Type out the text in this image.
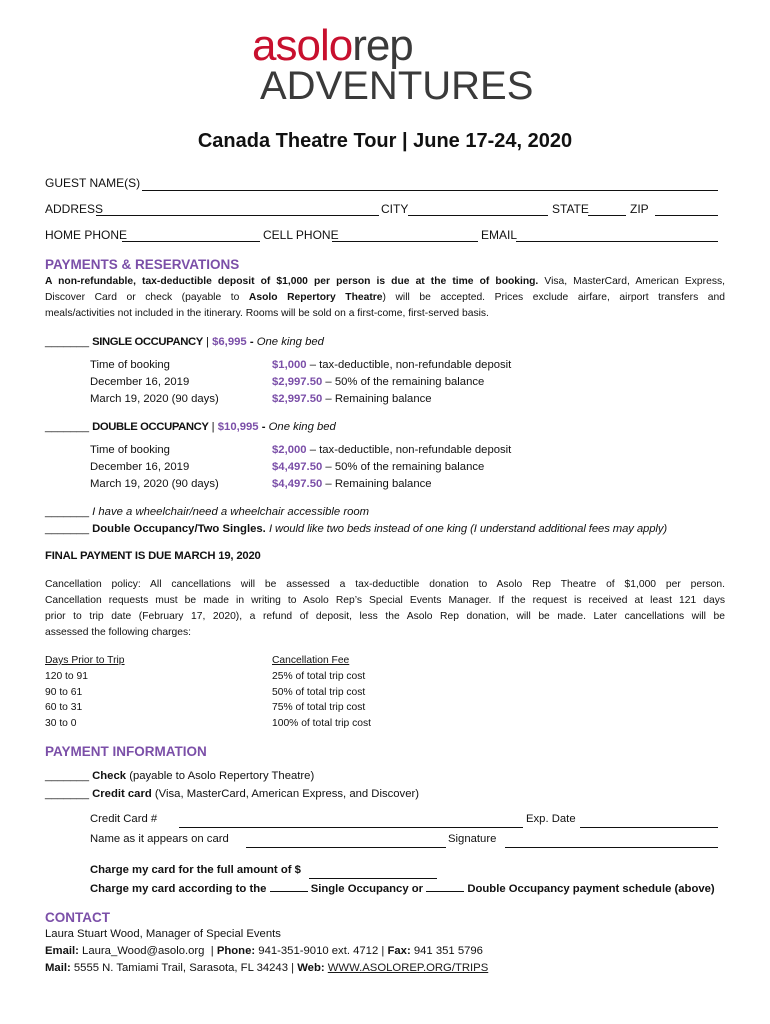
asolorep
ADVENTURES
Canada Theatre Tour | June 17-24, 2020
GUEST NAME(S)
ADDRESS	CITY	STATE	ZIP
HOME PHONE	CELL PHONE	EMAIL
PAYMENTS & RESERVATIONS
A non-refundable, tax-deductible deposit of $1,000 per person is due at the time of booking. Visa, MasterCard, American Express,
Discover Card or check (payable to Asolo Repertory Theatre) will be accepted. Prices exclude airfare, airport transfers and
meals/activities not included in the itinerary. Rooms will be sold on a first-come, first-served basis.
_______ SINGLE OCCUPANCY | $6,995 - One king bed
Time of booking	$1,000 – tax-deductible, non-refundable deposit
December 16, 2019	$2,997.50 – 50% of the remaining balance
March 19, 2020 (90 days)	$2,997.50 – Remaining balance
_______ DOUBLE OCCUPANCY | $10,995 - One king bed
Time of booking	$2,000 – tax-deductible, non-refundable deposit
December 16, 2019	$4,497.50 – 50% of the remaining balance
March 19, 2020 (90 days)	$4,497.50 – Remaining balance
_______ I have a wheelchair/need a wheelchair accessible room
_______ Double Occupancy/Two Singles. I would like two beds instead of one king (I understand additional fees may apply)
FINAL PAYMENT IS DUE MARCH 19, 2020
Cancellation policy: All cancellations will be assessed a tax-deductible donation to Asolo Rep Theatre of $1,000 per person.
Cancellation requests must be made in writing to Asolo Rep’s Special Events Manager. If the request is received at least 121 days
prior to trip date (February 17, 2020), a refund of deposit, less the Asolo Rep donation, will be made. Later cancellations will be
assessed the following charges:
Days Prior to Trip	Cancellation Fee
120 to 91	25% of total trip cost
90 to 61	50% of total trip cost
60 to 31	75% of total trip cost
30 to 0	100% of total trip cost
PAYMENT INFORMATION
_______ Check (payable to Asolo Repertory Theatre)
_______ Credit card (Visa, MasterCard, American Express, and Discover)
Credit Card #	Exp. Date
Name as it appears on card	Signature
Charge my card for the full amount of $
Charge my card according to the	Single Occupancy or	Double Occupancy payment schedule (above)
CONTACT
Laura Stuart Wood, Manager of Special Events
Email: Laura_Wood@asolo.org | Phone: 941-351-9010 ext. 4712 | Fax: 941 351 5796
Mail: 5555 N. Tamiami Trail, Sarasota, FL 34243 | Web: WWW.ASOLOREP.ORG/TRIPS
